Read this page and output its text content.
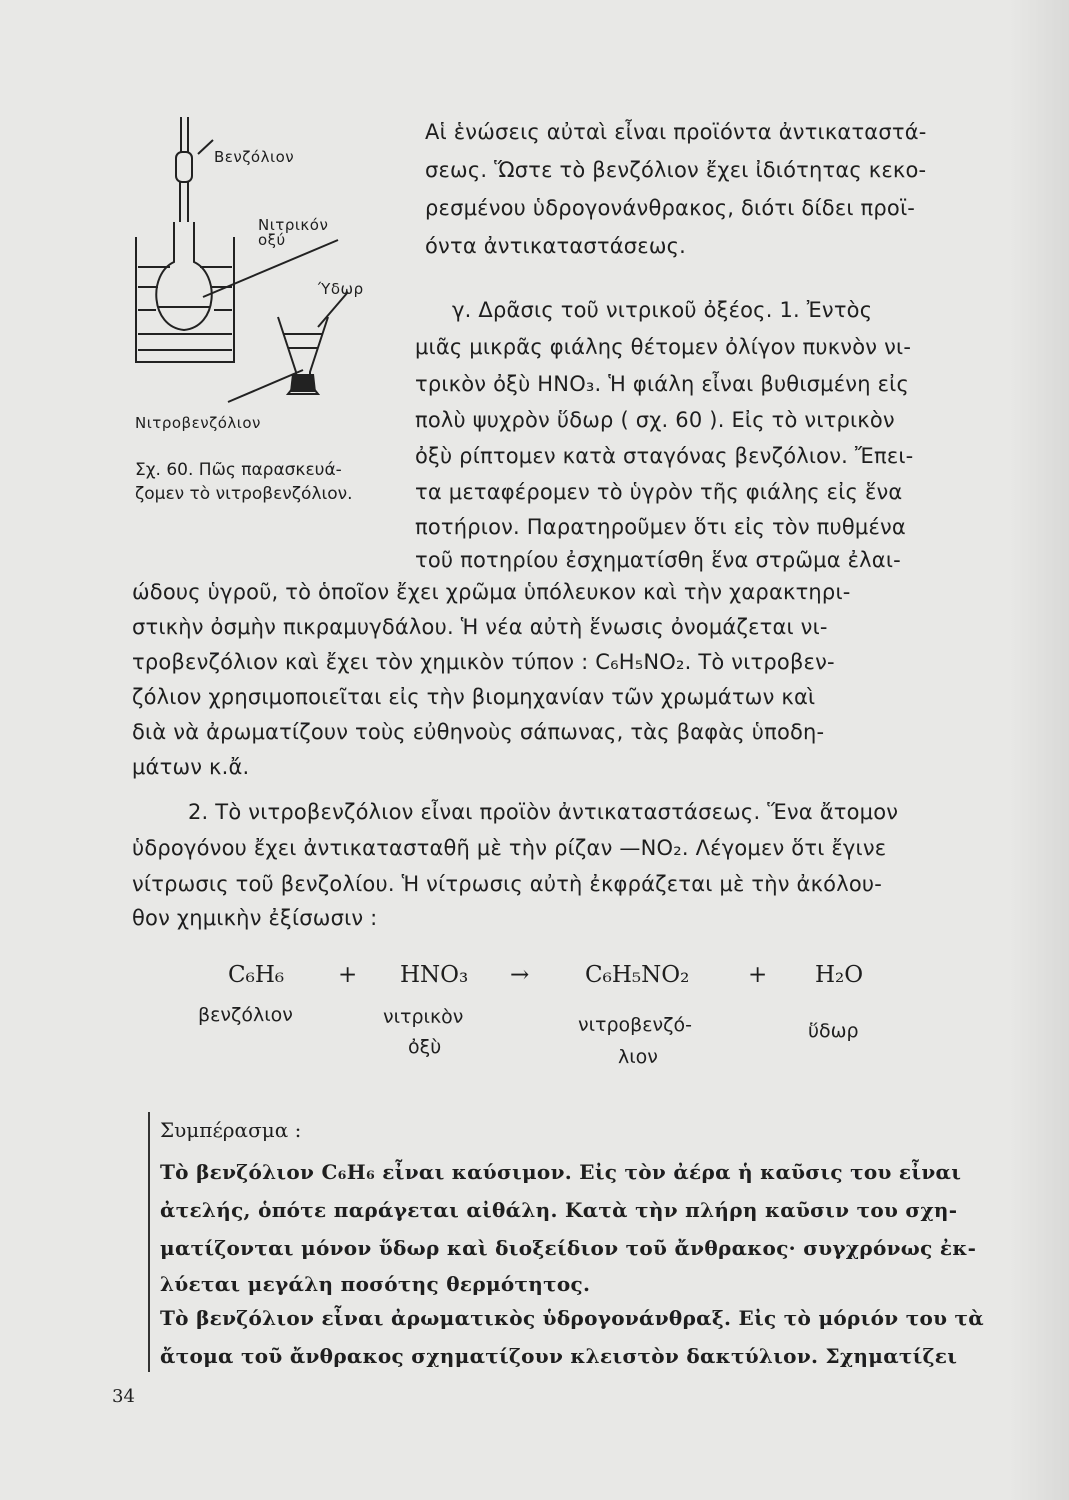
Βενζόλιον
Νιτρικόν οξύ
Ύδωρ
Νιτροβενζόλιον
Σχ. 60. Πῶς παρασκευά-
ζομεν τὸ νιτροβενζόλιον.
Αἱ ἑνώσεις αὐταὶ εἶναι προϊόντα ἀντικαταστά-
σεως. Ὥστε τὸ βενζόλιον ἔχει ἰδιότητας κεκο-
ρεσμένου ὑδρογονάνθρακος, διότι δίδει προϊ-
όντα ἀντικαταστάσεως.
γ. Δρᾶσις τοῦ νιτρικοῦ ὀξέος. 1. Ἐντὸς
μιᾶς μικρᾶς φιάλης θέτομεν ὀλίγον πυκνὸν νι-
τρικὸν ὀξὺ HNO₃. Ἡ φιάλη εἶναι βυθισμένη εἰς
πολὺ ψυχρὸν ὕδωρ ( σχ. 60 ). Εἰς τὸ νιτρικὸν
ὀξὺ ρίπτομεν κατὰ σταγόνας βενζόλιον. Ἔπει-
τα μεταφέρομεν τὸ ὑγρὸν τῆς φιάλης εἰς ἕνα
ποτήριον. Παρατηροῦμεν ὅτι εἰς τὸν πυθμένα
τοῦ ποτηρίου ἐσχηματίσθη ἕνα στρῶμα ἐλαι-
ώδους ὑγροῦ, τὸ ὁποῖον ἔχει χρῶμα ὑπόλευκον καὶ τὴν χαρακτηρι-
στικὴν ὀσμὴν πικραμυγδάλου. Ἡ νέα αὐτὴ ἕνωσις ὀνομάζεται νι-
τροβενζόλιον καὶ ἔχει τὸν χημικὸν τύπον : C₆H₅NO₂. Τὸ νιτροβεν-
ζόλιον χρησιμοποιεῖται εἰς τὴν βιομηχανίαν τῶν χρωμάτων καὶ
διὰ νὰ ἀρωματίζουν τοὺς εὐθηνοὺς σάπωνας, τὰς βαφὰς ὑποδη-
μάτων κ.ἄ.
2. Τὸ νιτροβενζόλιον εἶναι προϊὸν ἀντικαταστάσεως. Ἕνα ἄτομον
ὑδρογόνου ἔχει ἀντικατασταθῆ μὲ τὴν ρίζαν —NO₂. Λέγομεν ὅτι ἔγινε
νίτρωσις τοῦ βενζολίου. Ἡ νίτρωσις αὐτὴ ἐκφράζεται μὲ τὴν ἀκόλου-
θον χημικὴν ἐξίσωσιν :
C₆H₆ + HNO₃ → C₆H₅NO₂	+ H₂O
βενζόλιον	νιτρικὸν
ὀξὺ
νιτροβενζό-
λιον
ὕδωρ
Συμπέρασμα :
Τὸ βενζόλιον C₆H₆ εἶναι καύσιμον. Εἰς τὸν ἀέρα ἡ καῦσις του εἶναι
ἀτελής, ὁπότε παράγεται αἰθάλη. Κατὰ τὴν πλήρη καῦσιν του σχη-
ματίζονται μόνον ὕδωρ καὶ διοξείδιον τοῦ ἄνθρακος· συγχρόνως ἐκ-
λύεται μεγάλη ποσότης θερμότητος.
Τὸ βενζόλιον εἶναι ἀρωματικὸς ὑδρογονάνθραξ. Εἰς τὸ μόριόν του τὰ
ἄτομα τοῦ ἄνθρακος σχηματίζουν κλειστὸν δακτύλιον. Σχηματίζει
34
